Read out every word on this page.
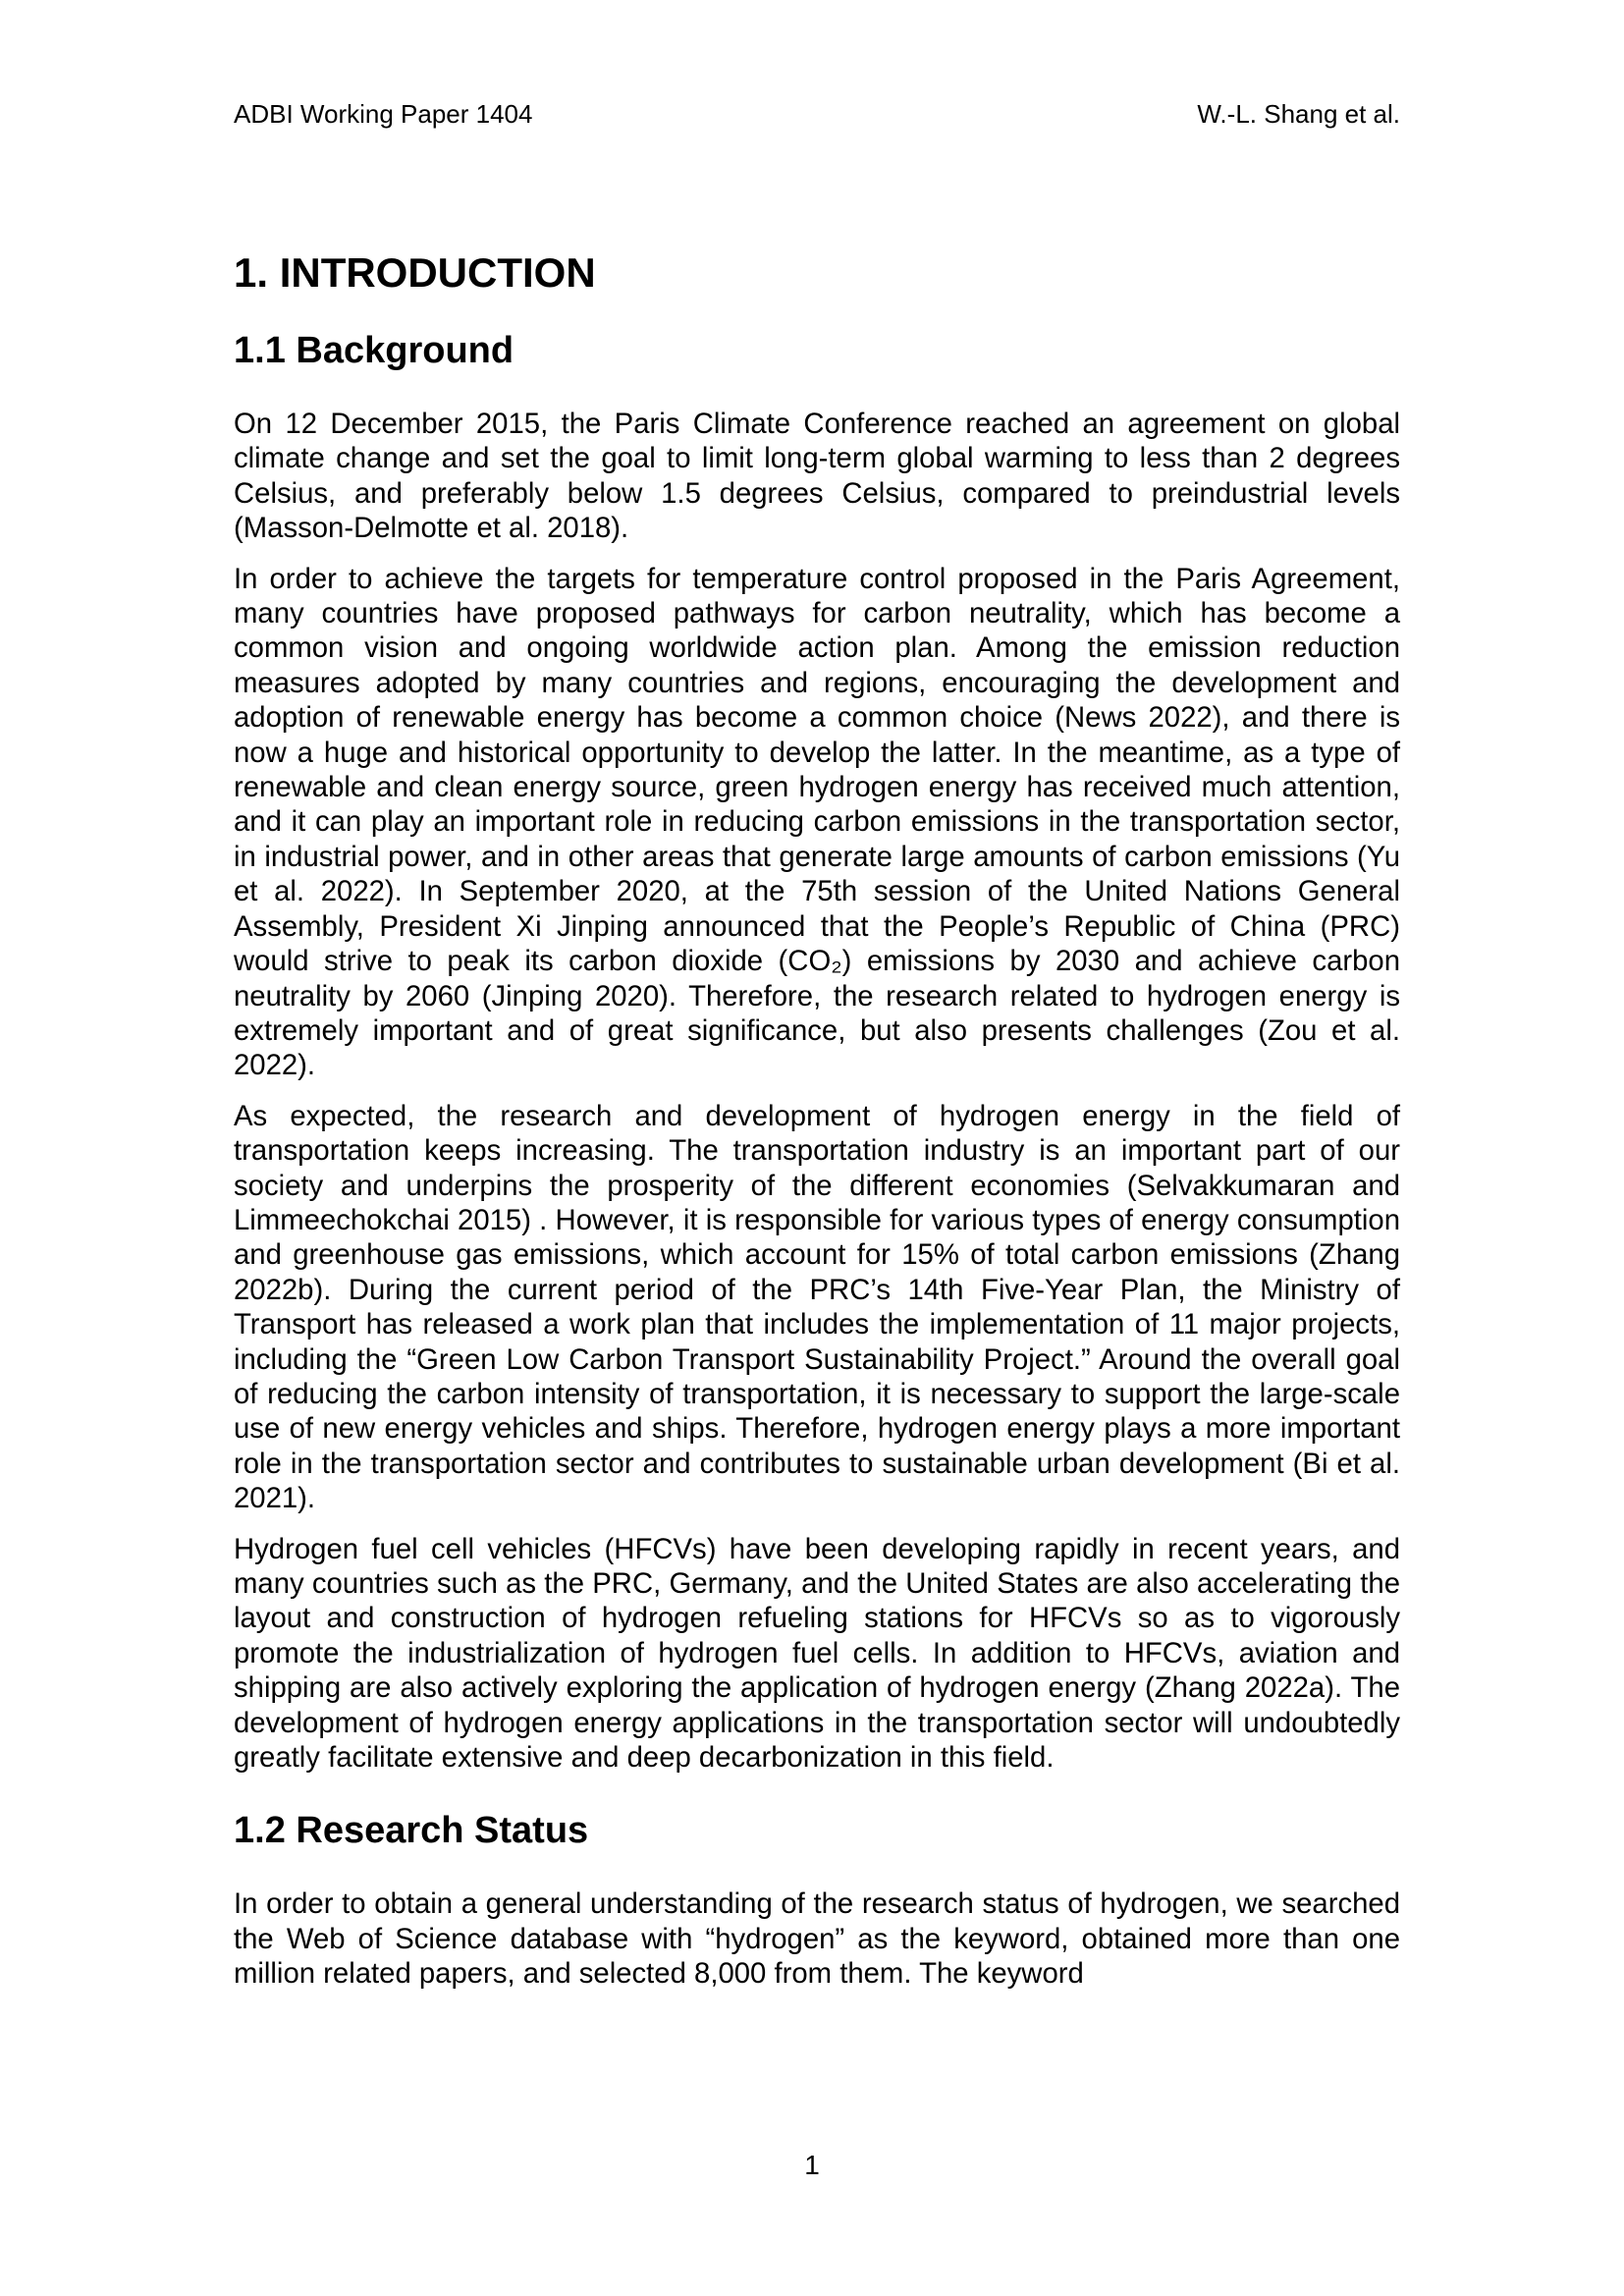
ADBI Working Paper 1404	W.-L. Shang et al.
1. INTRODUCTION
1.1 Background

On 12 December 2015, the Paris Climate Conference reached an agreement on global climate change and set the goal to limit long-term global warming to less than 2 degrees Celsius, and preferably below 1.5 degrees Celsius, compared to preindustrial levels (Masson-Delmotte et al. 2018).

In order to achieve the targets for temperature control proposed in the Paris Agreement, many countries have proposed pathways for carbon neutrality, which has become a common vision and ongoing worldwide action plan. Among the emission reduction measures adopted by many countries and regions, encouraging the development and adoption of renewable energy has become a common choice (News 2022), and there is now a huge and historical opportunity to develop the latter. In the meantime, as a type of renewable and clean energy source, green hydrogen energy has received much attention, and it can play an important role in reducing carbon emissions in the transportation sector, in industrial power, and in other areas that generate large amounts of carbon emissions (Yu et al. 2022). In September 2020, at the 75th session of the United Nations General Assembly, President Xi Jinping announced that the People’s Republic of China (PRC) would strive to peak its carbon dioxide (CO₂) emissions by 2030 and achieve carbon neutrality by 2060 (Jinping 2020). Therefore, the research related to hydrogen energy is extremely important and of great significance, but also presents challenges (Zou et al. 2022).

As expected, the research and development of hydrogen energy in the field of transportation keeps increasing. The transportation industry is an important part of our society and underpins the prosperity of the different economies (Selvakkumaran and Limmeechokchai 2015) . However, it is responsible for various types of energy consumption and greenhouse gas emissions, which account for 15% of total carbon emissions (Zhang 2022b). During the current period of the PRC’s 14th Five-Year Plan, the Ministry of Transport has released a work plan that includes the implementation of 11 major projects, including the “Green Low Carbon Transport Sustainability Project.” Around the overall goal of reducing the carbon intensity of transportation, it is necessary to support the large-scale use of new energy vehicles and ships. Therefore, hydrogen energy plays a more important role in the transportation sector and contributes to sustainable urban development (Bi et al. 2021).

Hydrogen fuel cell vehicles (HFCVs) have been developing rapidly in recent years, and many countries such as the PRC, Germany, and the United States are also accelerating the layout and construction of hydrogen refueling stations for HFCVs so as to vigorously promote the industrialization of hydrogen fuel cells. In addition to HFCVs, aviation and shipping are also actively exploring the application of hydrogen energy (Zhang 2022a). The development of hydrogen energy applications in the transportation sector will undoubtedly greatly facilitate extensive and deep decarbonization in this field.

1.2 Research Status

In order to obtain a general understanding of the research status of hydrogen, we searched the Web of Science database with “hydrogen” as the keyword, obtained more than one million related papers, and selected 8,000 from them. The keyword

1
